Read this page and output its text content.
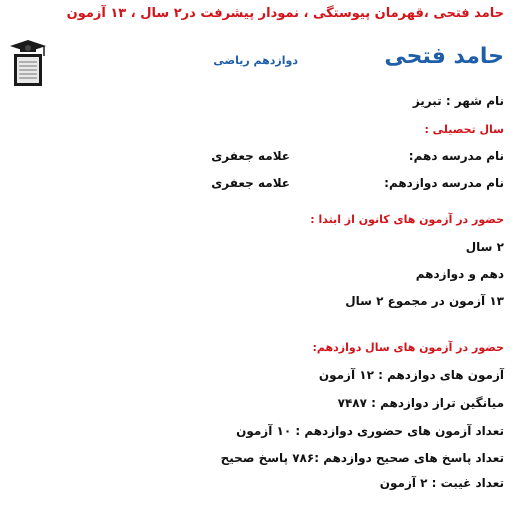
حامد فتحی ،قهرمان پیوستگی ، نمودار پیشرفت در۲ سال ، ۱۳ آزمون
حامد فتحی
دوازدهم ریاضی
نام شهر : تبریز
سال تحصیلی :
نام مدرسه دهم:
علامه جعفری
نام مدرسه دوازدهم:
علامه جعفری
حضور در آزمون های کانون از ابتدا :
۲ سال
دهم و دوازدهم
۱۳ آزمون در مجموع ۲ سال
حضور در آزمون های سال دوازدهم:
آزمون های دوازدهم : ۱۲ آزمون
میانگین تراز دوازدهم : ۷۴۸۷
تعداد آزمون های حضوری دوازدهم : ۱۰ آزمون
تعداد پاسخ های صحیح دوازدهم :۷۸۶ پاسخ صحیح
تعداد غیبت : ۲ آزمون
